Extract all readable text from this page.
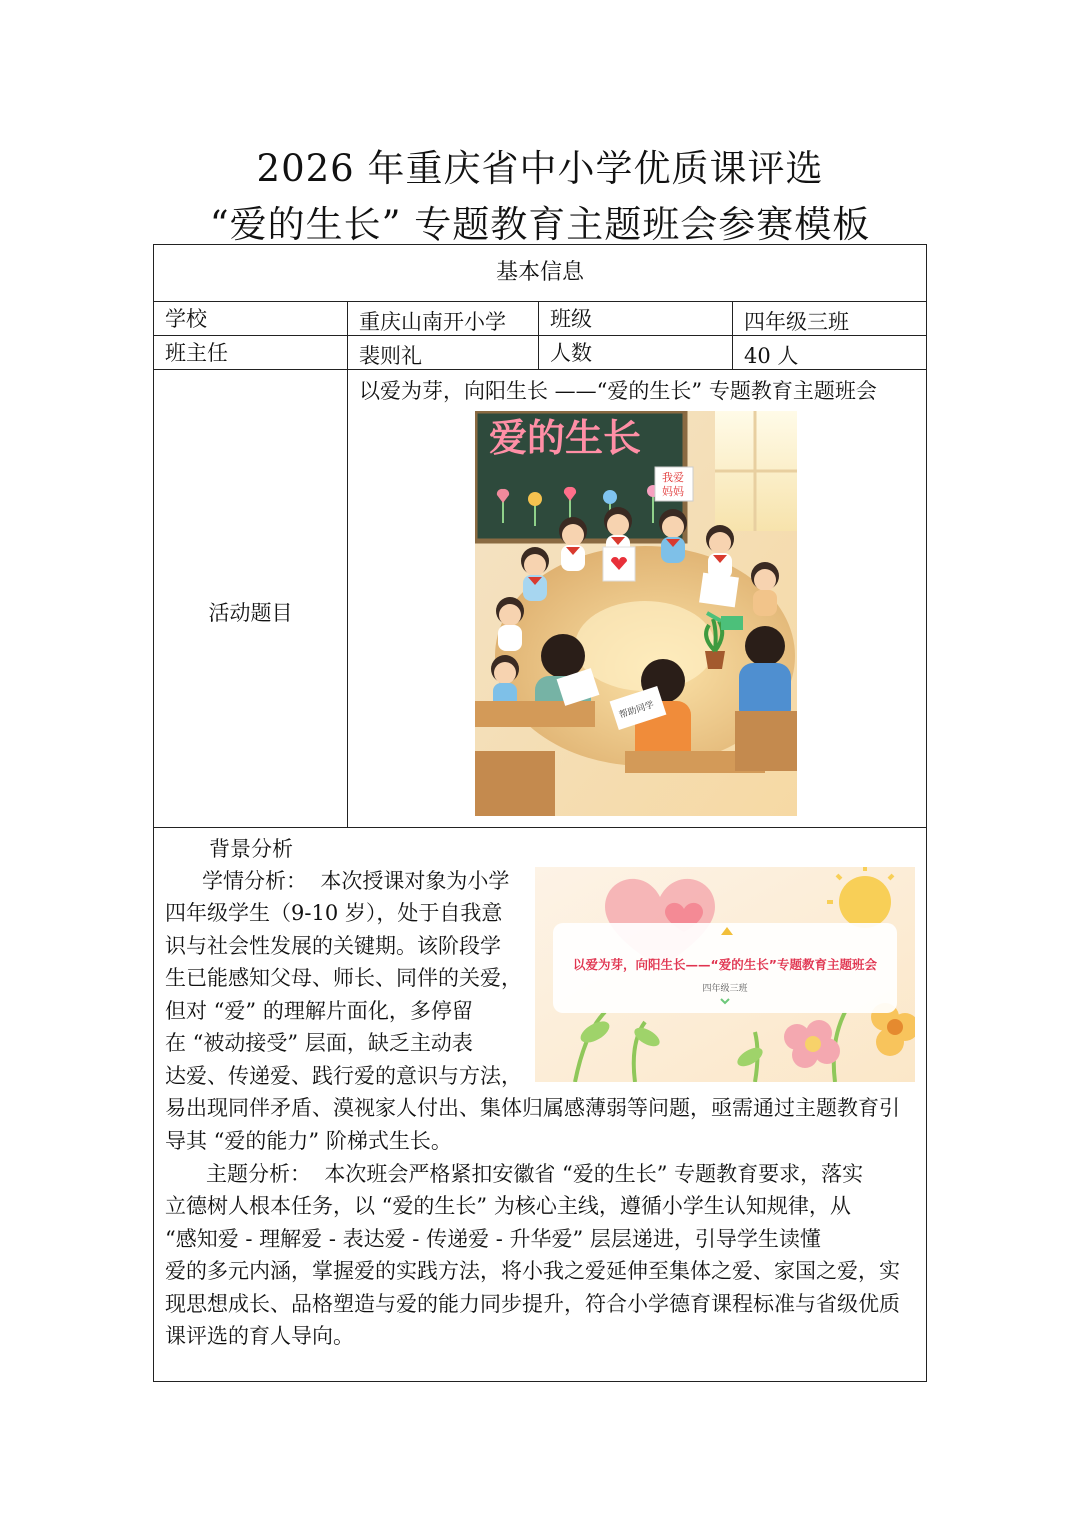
2026 年重庆省中小学优质课评选
“爱的生长” 专题教育主题班会参赛模板
基本信息
学校	重庆山南开小学 班级	四年级三班
班主任	裴则礼	人数	40 人
活动题目
以爱为芽，向阳生长 ——“爱的生长” 专题教育主题班会
爱的生长
我爱
妈妈
帮助同学
背景分析
学情分析： 本次授课对象为小学
四年级学生（9-10 岁），处于自我意
识与社会性发展的关键期。该阶段学
生已能感知父母、师长、同伴的关爱，
但对 “爱” 的理解片面化，多停留
在 “被动接受” 层面，缺乏主动表
达爱、传递爱、践行爱的意识与方法，
易出现同伴矛盾、漠视家人付出、集体归属感薄弱等问题，亟需通过主题教育引
导其 “爱的能力” 阶梯式生长。
主题分析： 本次班会严格紧扣安徽省 “爱的生长” 专题教育要求，落实
立德树人根本任务，以 “爱的生长” 为核心主线，遵循小学生认知规律，从
“感知爱 - 理解爱 - 表达爱 - 传递爱 - 升华爱” 层层递进，引导学生读懂
爱的多元内涵，掌握爱的实践方法，将小我之爱延伸至集体之爱、家国之爱，实
现思想成长、品格塑造与爱的能力同步提升，符合小学德育课程标准与省级优质
课评选的育人导向。
以爱为芽，向阳生长——“爱的生长”专题教育主题班会
四年级三班
